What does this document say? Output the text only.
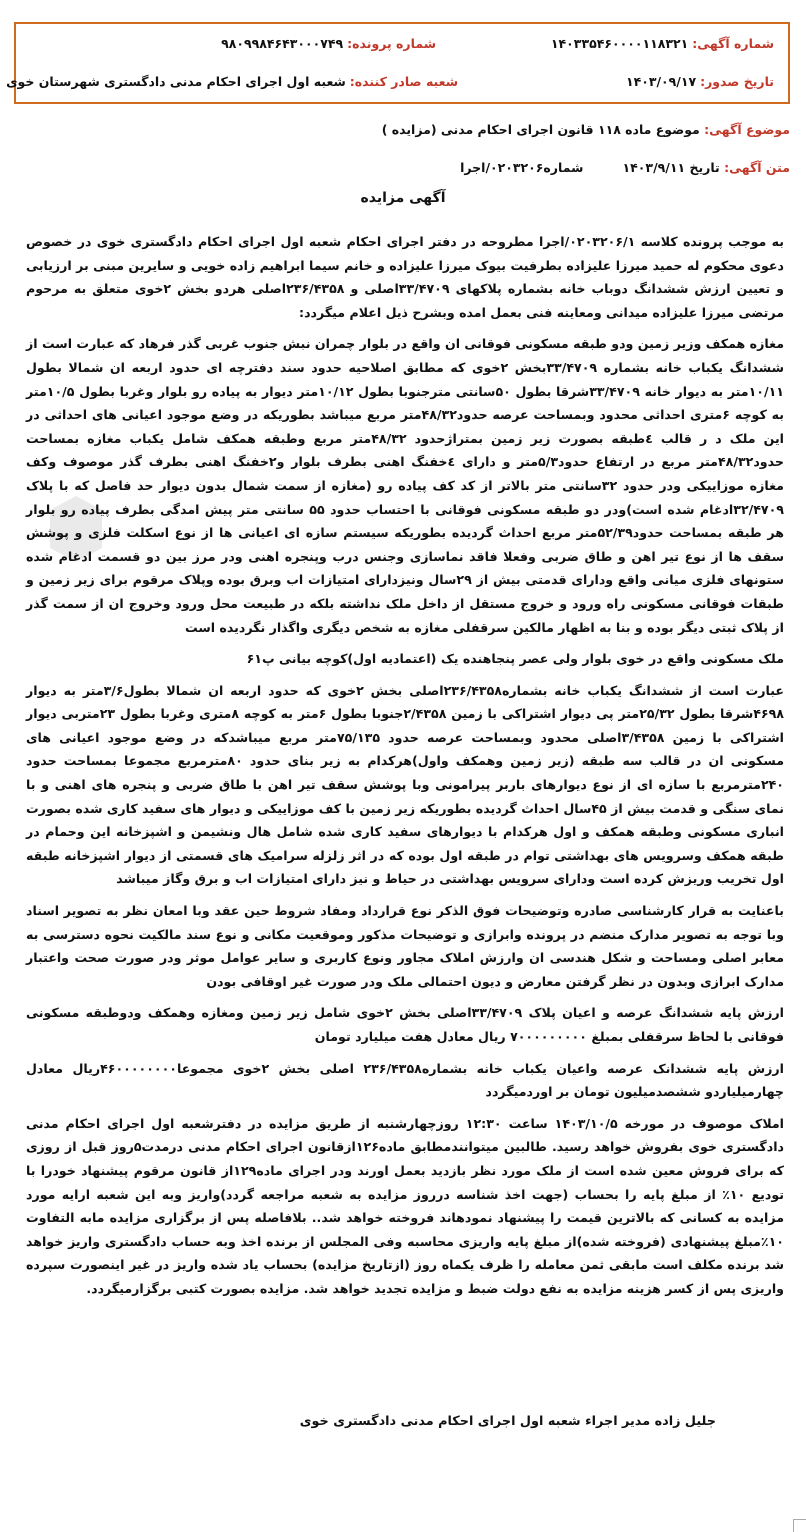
شماره آگهی: ۱۴۰۳۳۵۴۶۰۰۰۰۱۱۸۳۲۱
شماره پرونده: ۹۸۰۹۹۸۴۶۴۳۰۰۰۷۴۹
تاریخ صدور: ۱۴۰۳/۰۹/۱۷
شعبه صادر کننده: شعبه اول اجرای احکام مدنی دادگستری شهرستان خوی
موضوع آگهی: موضوع ماده ۱۱۸ قانون اجرای احکام مدنی (مزایده )
متن آگهی: تاریخ ۱۴۰۳/۹/۱۱         شماره۰۲۰۳۲۰۶/اجرا
آگهی مزایده

به موجب پرونده کلاسه ۰۲۰۳۲۰۶/۱/اجرا مطروحه در دفتر اجرای احکام شعبه اول اجرای احکام دادگستری خوی در خصوص دعوی محکوم له حمید میرزا علیزاده بطرفیت بیوک میرزا علیزاده و خانم سیما ابراهیم زاده خویی و سایرین مبنی بر ارزیابی و تعیین ارزش ششدانگ دوباب خانه بشماره پلاکهای ۳۳/۴۷۰۹اصلی و ۲۳۶/۴۳۵۸اصلی هردو بخش ۲خوی متعلق به مرحوم مرتضی میرزا علیزاده میدانی ومعاینه فنی بعمل امده وبشرح ذیل اعلام میگردد:

مغازه همکف وزیر زمین ودو طبقه مسکونی فوقانی ان واقع در بلوار چمران نبش جنوب غربی گذر فرهاد که عبارت است از ششدانگ یکباب خانه بشماره ۳۳/۴۷۰۹بخش ۲خوی که مطابق اصلاحیه حدود سند دفترچه ای حدود اربعه ان شمالا بطول ۱۰/۱۱متر به دیوار خانه ۳۳/۴۷۰۹شرقا بطول ۵۰سانتی مترجنوبا بطول ۱۰/۱۲متر دیوار به پیاده رو بلوار وغربا بطول ۱۰/۵متر به کوچه ۶متری احداثی محدود وبمساحت عرصه حدود۴۸/۳۲متر مربع میباشد بطوریکه در وضع موجود اعیانی های احداثی در این ملک د ر قالب ٤طبقه بصورت زیر زمین بمتراژحدود ۴۸/۳۲متر مربع وطبقه همکف شامل یکباب مغازه بمساحت حدود۴۸/۳۲متر مربع در ارتفاع حدود۵/۳متر و دارای ٤خفنگ اهنی بطرف بلوار و۲خفنگ اهنی بطرف گذر موصوف وکف مغازه موزاییکی ودر حدود ۳۲سانتی متر بالاتر از کد کف پیاده رو (مغازه از سمت شمال بدون دیوار حد فاصل که با پلاک ۳۲/۴۷۰۹ادغام شده است)ودر دو طبقه مسکونی فوقانی با احتساب حدود ۵۵ سانتی متر پیش امدگی بطرف پیاده رو بلوار هر طبقه بمساحت حدود۵۲/۳۹متر مربع احداث گردیده بطوریکه سیستم سازه ای اعیانی ها از نوع اسکلت فلزی و پوشش سقف ها از نوع تیر اهن و طاق ضربی وفعلا فاقد نماسازی وجنس درب وپنجره اهنی ودر مرز بین دو قسمت ادغام شده ستونهای فلزی میانی واقع ودارای قدمتی بیش از ۲۹سال ونیزدارای امتیازات اب وبرق بوده وپلاک مرقوم برای زیر زمین و طبقات فوقانی مسکونی راه ورود و خروج مستقل از داخل ملک نداشته بلکه در طبیعت محل ورود وخروج ان از سمت گذر از پلاک ثبتی دیگر بوده و بنا به اظهار مالکین سرقفلی مغازه به شخص دیگری واگذار نگردیده است

ملک مسکونی واقع در خوی بلوار ولی عصر پنجاهنده یک (اعتمادیه اول)کوچه بیانی پ۶۱

عبارت است از ششدانگ یکباب خانه بشماره۲۳۶/۴۳۵۸اصلی بخش ۲خوی که حدود اربعه ان شمالا بطول۳/۶متر به دیوار ۴۶۹۸شرقا بطول ۲۵/۳۲متر پی دیوار اشتراکی با زمین ۲/۴۳۵۸جنوبا بطول ۶متر به کوچه ۸متری وغربا بطول ۲۳متربی دیوار اشتراکی با زمین ۳/۴۳۵۸اصلی محدود وبمساحت عرصه حدود ۷۵/۱۳۵متر مربع میباشدکه در وضع موجود اعیانی های مسکونی ان در قالب سه طبقه (زیر زمین وهمکف واول)هرکدام به زیر بنای حدود ۸۰مترمربع مجموعا بمساحت حدود ۲۴۰مترمربع با سازه ای از نوع دیوارهای باربر پیرامونی وبا پوشش سقف تیر اهن با طاق ضربی و پنجره های اهنی و با نمای سنگی و قدمت بیش از ۴۵سال احداث گردیده بطوریکه زیر زمین با کف موزاییکی و دیوار های سفید کاری شده بصورت انباری مسکونی وطبقه همکف و اول هرکدام با دیوارهای سفید کاری شده شامل هال ونشیمن و اشپزخانه این وحمام در طبقه همکف وسرویس های بهداشتی توام در طبقه اول بوده که در اثر زلزله سرامیک های قسمتی از دیوار اشپزخانه طبقه اول تخریب وریزش کرده است ودارای سرویس بهداشتی در حیاط و نیز دارای امتیازات اب و برق وگاز میباشد

باعنایت به قرار کارشناسی صادره وتوضیحات فوق الذکر نوع قرارداد ومفاد شروط حین عقد وبا امعان نظر به تصویر اسناد وبا توجه به تصویر مدارک منضم در پرونده وابرازی و توضیحات مذکور وموقعیت مکانی و نوع سند مالکیت نحوه دسترسی به معابر اصلی ومساحت و شکل هندسی ان وارزش املاک مجاور ونوع کاربری و سایر عوامل موثر ودر صورت صحت واعتبار مدارک ابرازی وبدون در نظر گرفتن معارض و دیون احتمالی ملک ودر صورت غیر اوقافی بودن

ارزش پایه ششدانگ عرصه و اعیان پلاک ۳۳/۴۷۰۹اصلی بخش ۲خوی شامل زیر زمین ومغازه وهمکف ودوطبقه مسکونی فوقانی با لحاظ سرقفلی بمبلغ ۷۰۰۰۰۰۰۰۰۰ ریال معادل هفت میلیارد تومان

ارزش پایه ششدانک عرصه واعیان یکباب خانه بشماره۲۳۶/۴۳۵۸ اصلی بخش ۲خوی مجموعا۴۶۰۰۰۰۰۰۰۰ریال معادل چهارمیلیاردو ششصدمیلیون تومان بر اوردمیگردد

املاک موصوف در مورخه ۱۴۰۳/۱۰/۵ ساعت ۱۲:۳۰ روزچهارشنبه از طریق مزایده در دفترشعبه اول اجرای احکام مدنی دادگستری خوی بفروش خواهد رسید. طالبین میتوانندمطابق ماده۱۲۶ازقانون اجرای احکام مدنی درمدت۵روز قبل از روزی که برای فروش معین شده است از ملک مورد نظر بازدید بعمل اورند ودر اجرای ماده۱۲۹از قانون مرقوم پیشنهاد خودرا با تودیع ۱۰٪ از مبلغ پایه را بحساب (جهت اخذ شناسه درروز مزایده به شعبه مراجعه گردد)واریز وبه این شعبه ارایه مورد مزایده به کسانی که بالاترین قیمت را پیشنهاد نمودهاند فروخته خواهد شد.. بلافاصله پس از برگزاری مزایده مابه التفاوت ۱۰٪مبلغ پیشنهادی (فروخته شده)از مبلغ پایه واریزی محاسبه وفی المجلس از برنده اخذ وبه حساب دادگستری واریز خواهد شد برنده مکلف است مابقی ثمن معامله را ظرف یکماه روز (ازتاریخ مزایده) بحساب یاد شده واریز در غیر اینصورت سپرده واریزی پس از کسر هزینه مزایده به نفع دولت ضبط و مزایده تجدید خواهد شد. مزایده بصورت کتبی برگزارمیگردد.

جلیل زاده مدیر اجراء شعبه اول اجرای احکام مدنی دادگستری خوی
